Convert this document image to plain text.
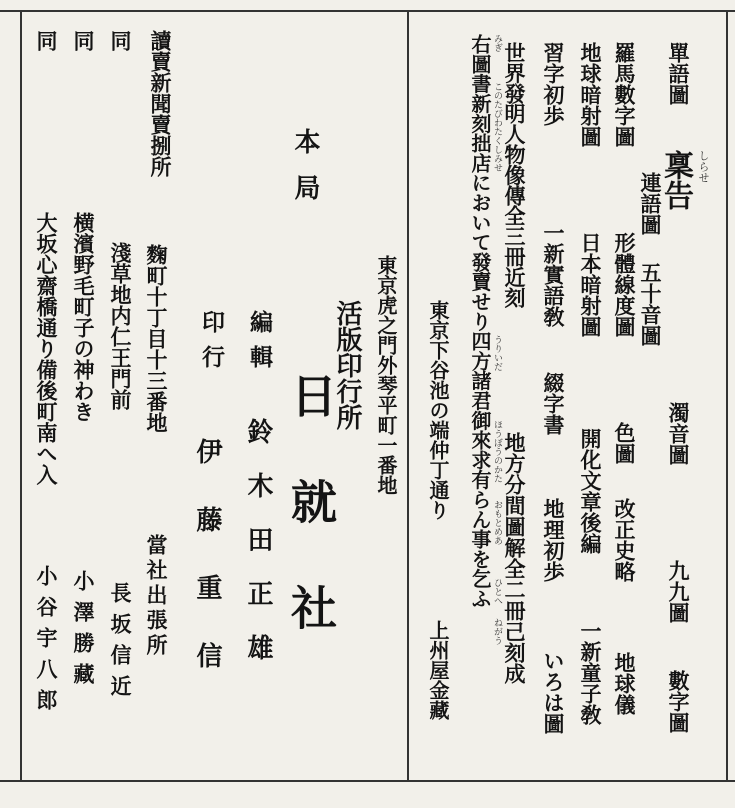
稟告 しらせ
單語圖
濁音圖
九九圖
數字圖
連語圖
五十音圖
羅馬數字圖
形體線度圖
色圖
改正史略
地球儀
地球暗射圖
日本暗射圖
開化文章後編
一新童子敎
習字初歩
一新實語敎
綴字書
地理初歩
いろは圖
世界發明人物像傳全三冊近刻
地方分間圖解全二冊己刻成
みぎ
このたびわたくしみせ
うりいだ
ほうぼうのかた
おもとめあ
ひとへ
ねがう
右圖書新刻拙店において發賣せり四方諸君御來求有らん事を乞ふ
東京下谷池の端仲丁通り
上州屋金藏
東京虎之門外琴平町一番地
活版印行所
本局
日就社
編輯
鈴木田正雄
印行
伊藤重信
讀賣新聞賣捌所
當社出張所
麴町十丁目十三番地
同
淺草地内仁王門前
長坂信近
同
横濱野毛町子の神わき
小澤勝藏
同
大坂心齋橋通り備後町南へ入
小谷宇八郎
